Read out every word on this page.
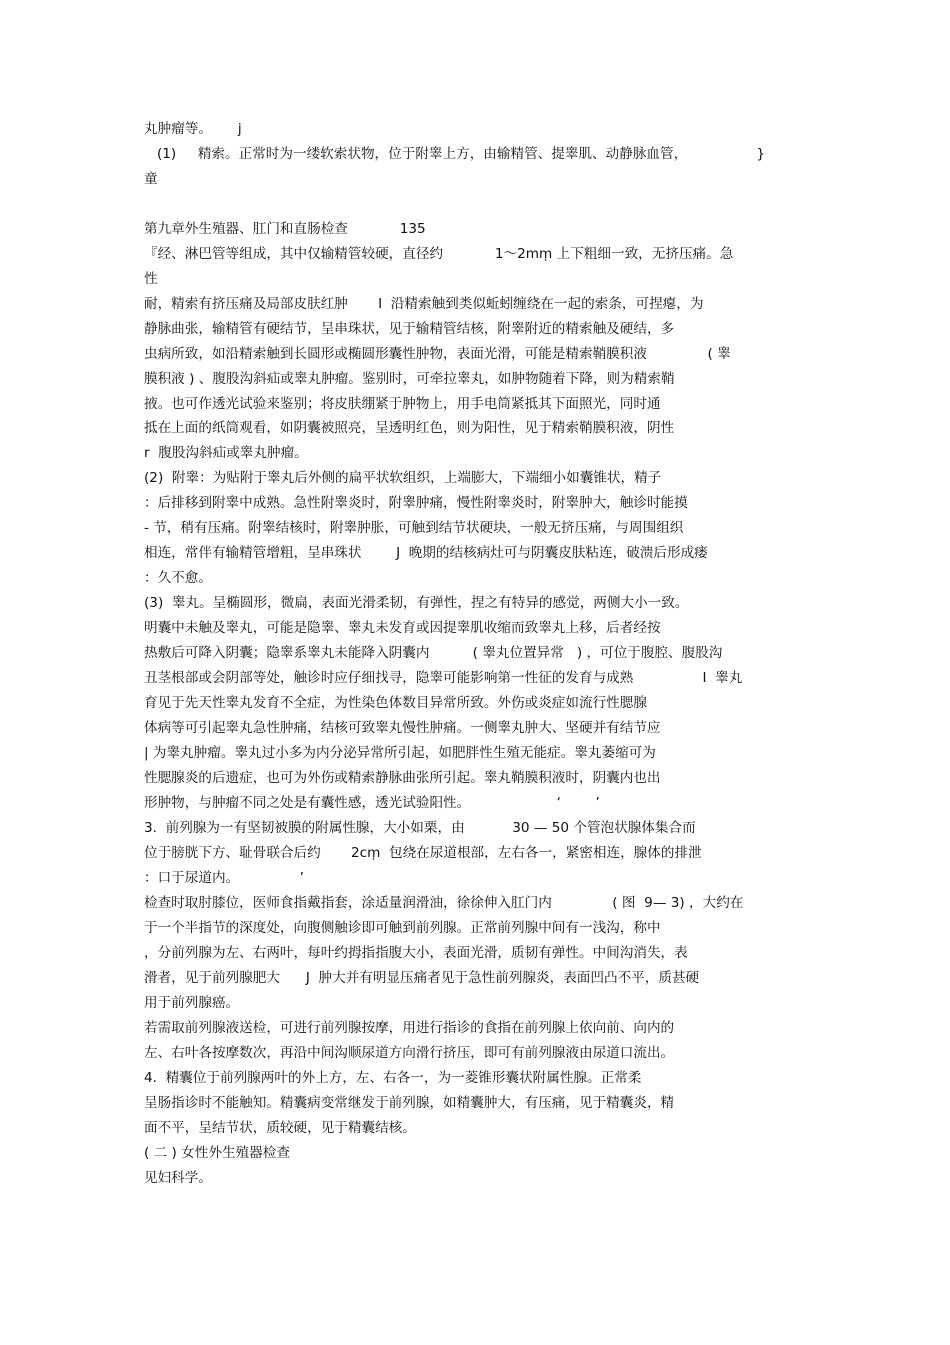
丸肿瘤等。      j
(1)     精索。正常时为一缕软索状物，位于附睾上方，由输精管、提睾肌、动静脉血管，                }
童
第九章外生殖器、肛门和直肠检查            135
『经、淋巴管等组成，其中仅输精管较硬，直径约            1～2mm̜ 上下粗细一致，无挤压痛。急
性
耐，精索有挤压痛及局部皮肤红肿       I  沿精索触到类似蚯蚓缠绕在一起的索条，可捏瘪，为
静脉曲张，输精管有硬结节，呈串珠状，见于输精管结核，附睾附近的精索触及硬结，多
虫病所致，如沿精索触到长圆形或椭圆形囊性肿物，表面光滑，可能是精索鞘膜积液              ( 睾
膜积液 ) 、腹股沟斜疝或睾丸肿瘤。鉴别时，可牵拉睾丸，如肿物随着下降，则为精索鞘
掖。也可作透光试验来鉴别；将皮肤绷紧于肿物上，用手电筒紧抵其下面照光，同时通
抵在上面的纸筒观看，如阴囊被照亮，呈透明红色，则为阳性，见于精索鞘膜积液，阴性
r  腹股沟斜疝或睾丸肿瘤。
(2)  附睾：为贴附于睾丸后外侧的扁平状软组织，上端膨大，下端细小如囊锥状，精子
：后排移到附睾中成熟。急性附睾炎时，附睾肿痛，慢性附睾炎时，附睾肿大，触诊时能摸
- 节，稍有压痛。附睾结核时，附睾肿胀，可触到结节状硬块，一般无挤压痛，与周围组织
相连，常伴有输精管增粗，呈串珠状        J  晚期的结核病灶可与阴囊皮肤粘连，破溃后形成瘘
：久不愈。
(3)  睾丸。呈椭圆形，微扁，表面光滑柔韧，有弹性，捏之有特异的感觉，两侧大小一致。
明囊中未触及睾丸，可能是隐睾、睾丸未发育或因提睾肌收缩而致睾丸上移，后者经按
热敷后可降入阴囊；隐睾系睾丸未能降入阴囊内          ( 睾丸位置异常   ) ，可位于腹腔、腹股沟
丑茎根部或会阴部等处，触诊时应仔细找寻，隐睾可能影响第一性征的发育与成熟                I  睾丸
育见于先天性睾丸发育不全症，为性染色体数目异常所致。外伤或炎症如流行性腮腺
体病等可引起睾丸急性肿痛，结核可致睾丸慢性肿痛。一侧睾丸肿大、坚硬并有结节应
| 为睾丸肿瘤。睾丸过小多为内分泌异常所引起，如肥胖性生殖无能症。睾丸萎缩可为
性腮腺炎的后遗症，也可为外伤或精索静脉曲张所引起。睾丸鞘膜积液时，阴囊内也出
形肿物，与肿瘤不同之处是有囊性感，透光试验阳性。                    ‘        ’
3.  前列腺为一有坚韧被膜的附属性腺，大小如栗，由           30 — 50 个管泡状腺体集合而
位于膀胱下方、耻骨联合后约       2cm̜  包绕在尿道根部，左右各一，紧密相连，腺体的排泄
：口于尿道内。              ’
检查时取肘膝位，医师食指戴指套，涂适量润滑油，徐徐伸入肛门内              ( 图  9— 3) ，大约在
于一个半指节的深度处，向腹侧触诊即可触到前列腺。正常前列腺中间有一浅沟，称中
，分前列腺为左、右两叶，每叶约拇指指腹大小，表面光滑，质韧有弹性。中间沟消失，表
滑者，见于前列腺肥大      J  肿大并有明显压痛者见于急性前列腺炎，表面凹凸不平，质甚硬
用于前列腺癌。
若需取前列腺液送检，可进行前列腺按摩，用进行指诊的食指在前列腺上依向前、向内的
左、右叶各按摩数次，再沿中间沟顺尿道方向滑行挤压，即可有前列腺液由尿道口流出。
4.  精囊位于前列腺两叶的外上方，左、右各一，为一菱锥形囊状附属性腺。正常柔
呈肠指诊时不能触知。精囊病变常继发于前列腺，如精囊肿大，有压痛，见于精囊炎，精
面不平，呈结节状，质较硬，见于精囊结核。
( 二 ) 女性外生殖器检查
见妇科学。
